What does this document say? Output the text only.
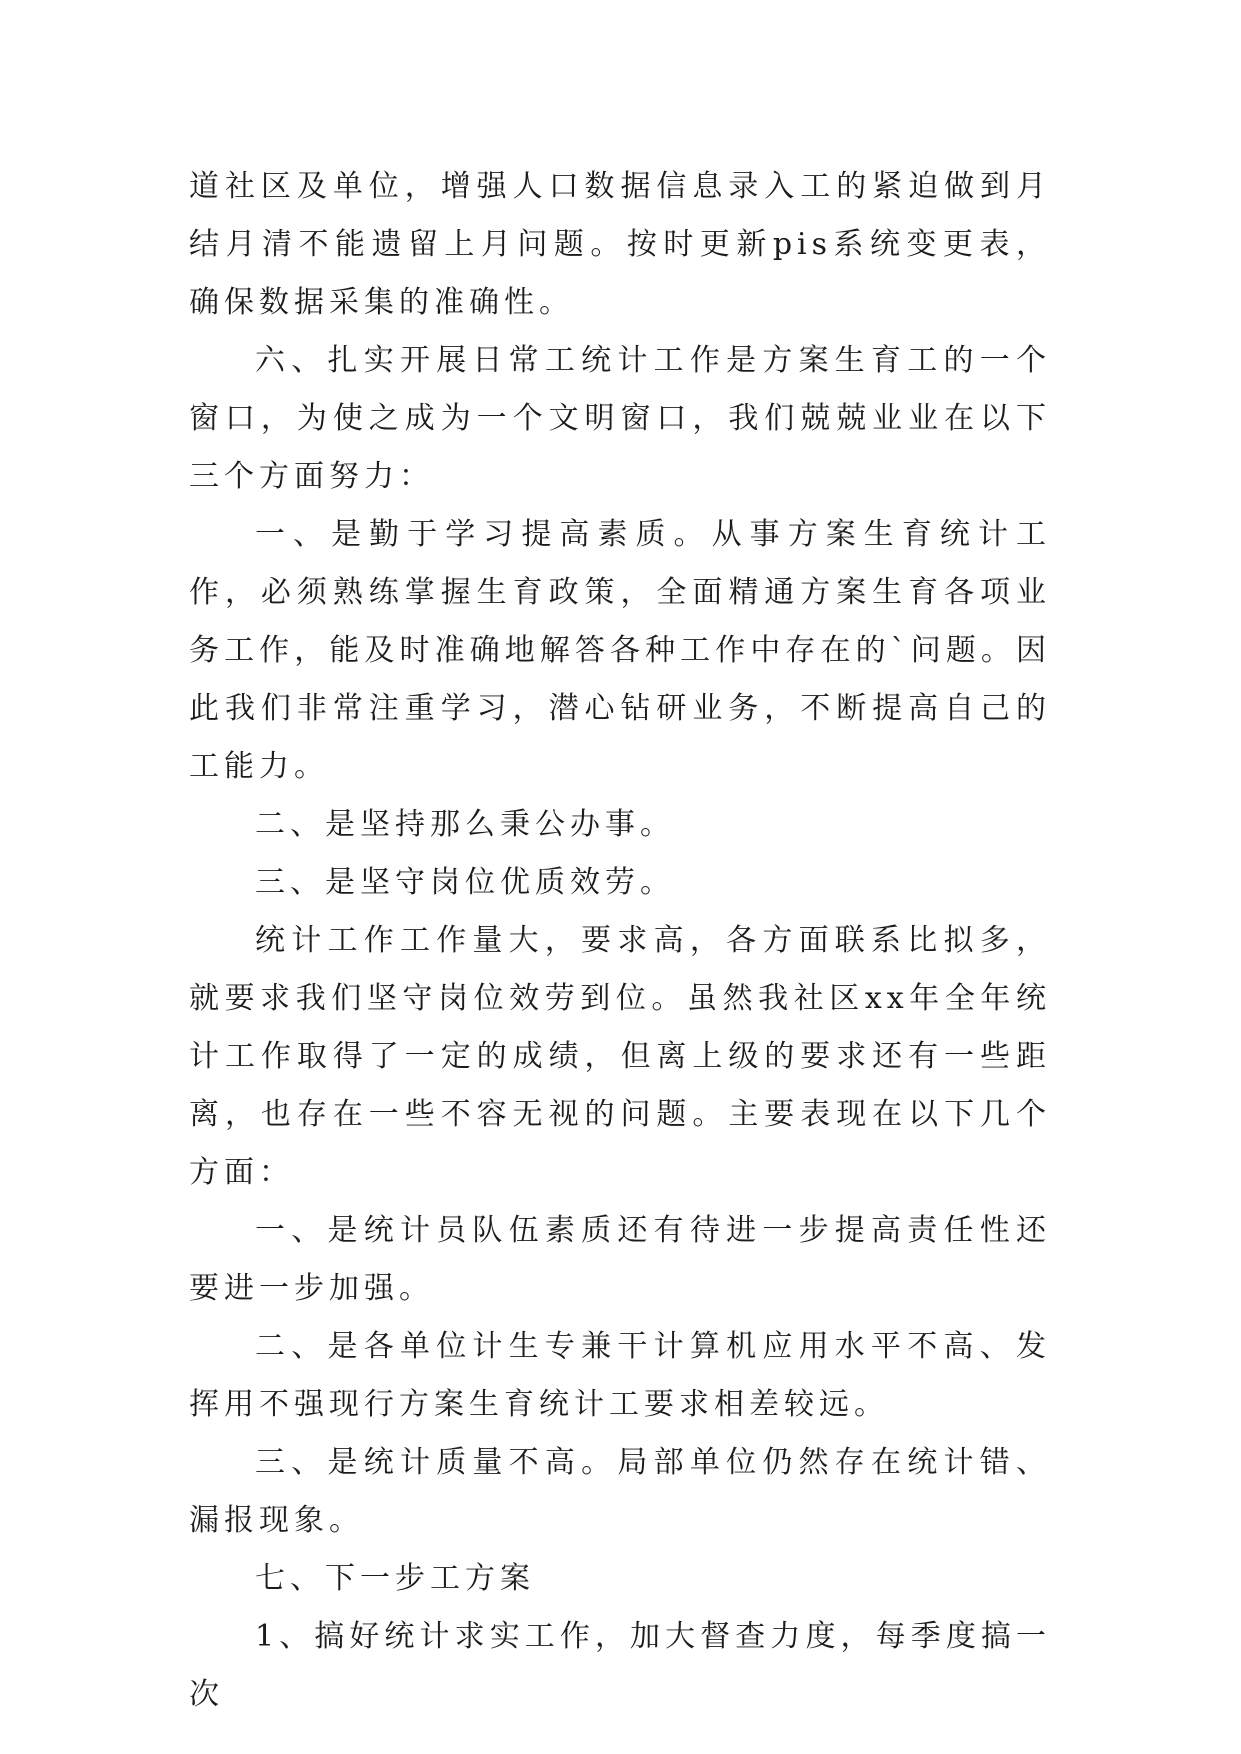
道社区及单位，增强人口数据信息录入工的紧迫做到月结月清不能遗留上月问题。按时更新pis系统变更表，确保数据采集的准确性。

六、扎实开展日常工统计工作是方案生育工的一个窗口，为使之成为一个文明窗口，我们兢兢业业在以下三个方面努力：

一、是勤于学习提高素质。从事方案生育统计工作，必须熟练掌握生育政策，全面精通方案生育各项业务工作，能及时准确地解答各种工作中存在的`问题。因此我们非常注重学习，潜心钻研业务，不断提高自己的工能力。

二、是坚持那么秉公办事。

三、是坚守岗位优质效劳。

统计工作工作量大，要求高，各方面联系比拟多，就要求我们坚守岗位效劳到位。虽然我社区xx年全年统计工作取得了一定的成绩，但离上级的要求还有一些距离，也存在一些不容无视的问题。主要表现在以下几个方面：

一、是统计员队伍素质还有待进一步提高责任性还要进一步加强。

二、是各单位计生专兼干计算机应用水平不高、发挥用不强现行方案生育统计工要求相差较远。

三、是统计质量不高。局部单位仍然存在统计错、漏报现象。

七、下一步工方案

1、搞好统计求实工作，加大督查力度，每季度搞一次
